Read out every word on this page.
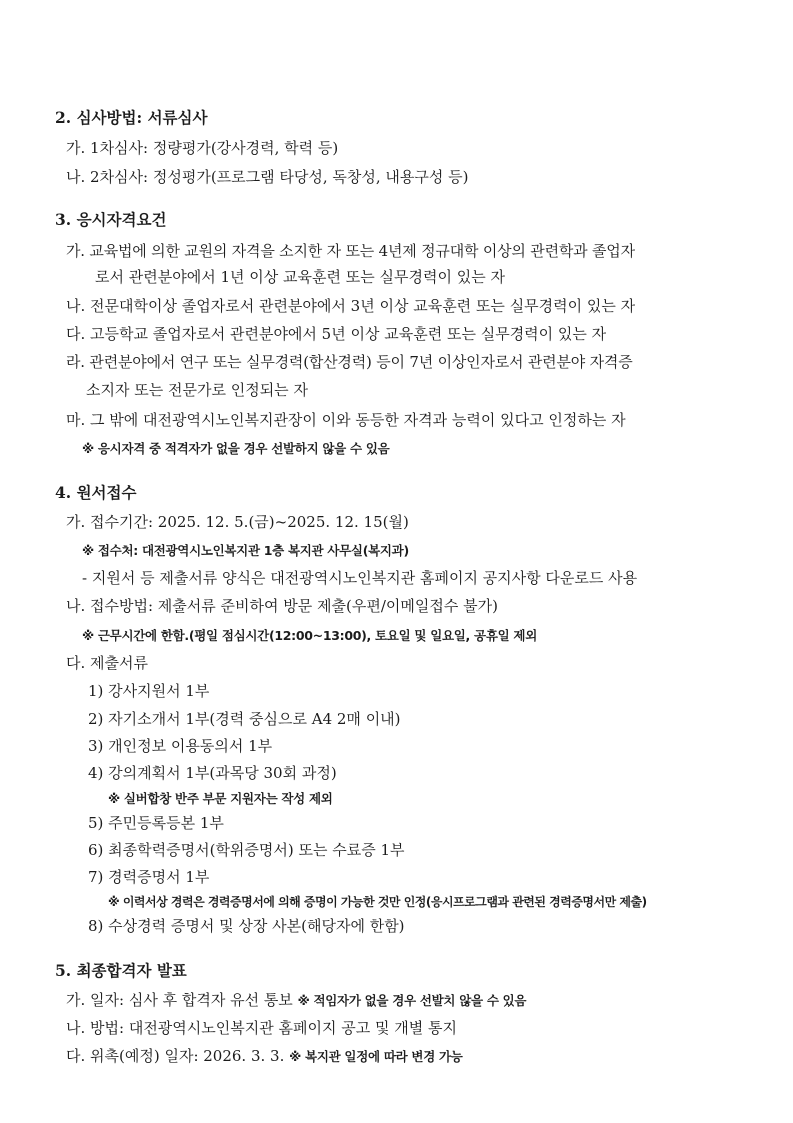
2. 심사방법: 서류심사
가. 1차심사: 정량평가(강사경력, 학력 등)
나. 2차심사: 정성평가(프로그램 타당성, 독창성, 내용구성 등)
3. 응시자격요건
가. 교육법에 의한 교원의 자격을 소지한 자 또는 4년제 정규대학 이상의 관련학과 졸업자
로서 관련분야에서 1년 이상 교육훈련 또는 실무경력이 있는 자
나. 전문대학이상 졸업자로서 관련분야에서 3년 이상 교육훈련 또는 실무경력이 있는 자
다. 고등학교 졸업자로서 관련분야에서 5년 이상 교육훈련 또는 실무경력이 있는 자
라. 관련분야에서 연구 또는 실무경력(합산경력) 등이 7년 이상인자로서 관련분야 자격증
소지자 또는 전문가로 인정되는 자
마. 그 밖에 대전광역시노인복지관장이 이와 동등한 자격과 능력이 있다고 인정하는 자
※ 응시자격 중 적격자가 없을 경우 선발하지 않을 수 있음
4. 원서접수
가. 접수기간: 2025. 12. 5.(금)~2025. 12. 15(월)
※ 접수처: 대전광역시노인복지관 1층 복지관 사무실(복지과)
- 지원서 등 제출서류 양식은 대전광역시노인복지관 홈페이지 공지사항 다운로드 사용
나. 접수방법: 제출서류 준비하여 방문 제출(우편/이메일접수 불가)
※ 근무시간에 한함.(평일 점심시간(12:00~13:00), 토요일 및 일요일, 공휴일 제외
다. 제출서류
1) 강사지원서 1부
2) 자기소개서 1부(경력 중심으로 A4 2매 이내)
3) 개인정보 이용동의서 1부
4) 강의계획서 1부(과목당 30회 과정)
※ 실버합창 반주 부문 지원자는 작성 제외
5) 주민등록등본 1부
6) 최종학력증명서(학위증명서) 또는 수료증 1부
7) 경력증명서 1부
※ 이력서상 경력은 경력증명서에 의해 증명이 가능한 것만 인정(응시프로그램과 관련된 경력증명서만 제출)
8) 수상경력 증명서 및 상장 사본(해당자에 한함)
5. 최종합격자 발표
가. 일자: 심사 후 합격자 유선 통보 ※ 적임자가 없을 경우 선발치 않을 수 있음
나. 방법: 대전광역시노인복지관 홈페이지 공고 및 개별 통지
다. 위촉(예정) 일자: 2026. 3. 3. ※ 복지관 일정에 따라 변경 가능
